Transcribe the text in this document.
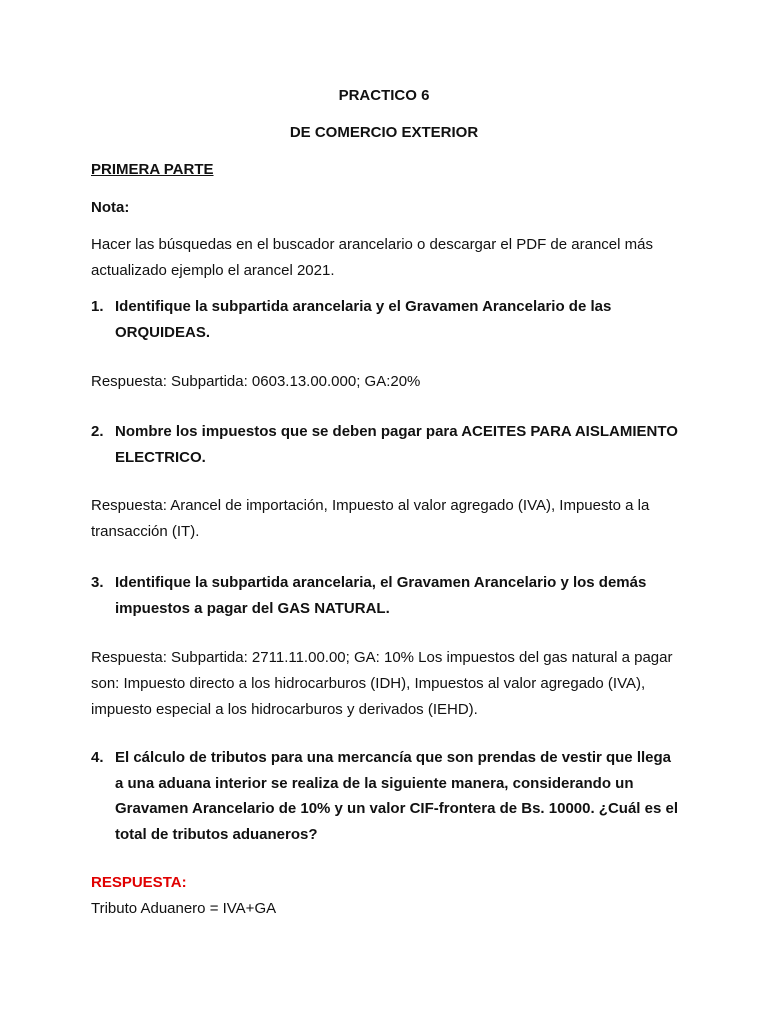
PRACTICO 6
DE COMERCIO EXTERIOR
PRIMERA PARTE
Nota:
Hacer las búsquedas en el buscador arancelario o descargar el PDF de arancel más actualizado ejemplo el arancel 2021.
1. Identifique la subpartida arancelaria y el Gravamen Arancelario de las ORQUIDEAS.
Respuesta: Subpartida: 0603.13.00.000; GA:20%
2. Nombre los impuestos que se deben pagar para ACEITES PARA AISLAMIENTO ELECTRICO.
Respuesta: Arancel de importación, Impuesto al valor agregado (IVA), Impuesto a la transacción (IT).
3. Identifique la subpartida arancelaria, el Gravamen Arancelario y los demás impuestos a pagar del GAS NATURAL.
Respuesta: Subpartida: 2711.11.00.00; GA: 10% Los impuestos del gas natural a pagar son: Impuesto directo a los hidrocarburos (IDH), Impuestos al valor agregado (IVA), impuesto especial a los hidrocarburos y derivados (IEHD).
4. El cálculo de tributos para una mercancía que son prendas de vestir que llega a una aduana interior se realiza de la siguiente manera, considerando un Gravamen Arancelario de 10% y un valor CIF-frontera de Bs. 10000. ¿Cuál es el total de tributos aduaneros?
RESPUESTA:
Tributo Aduanero = IVA+GA
